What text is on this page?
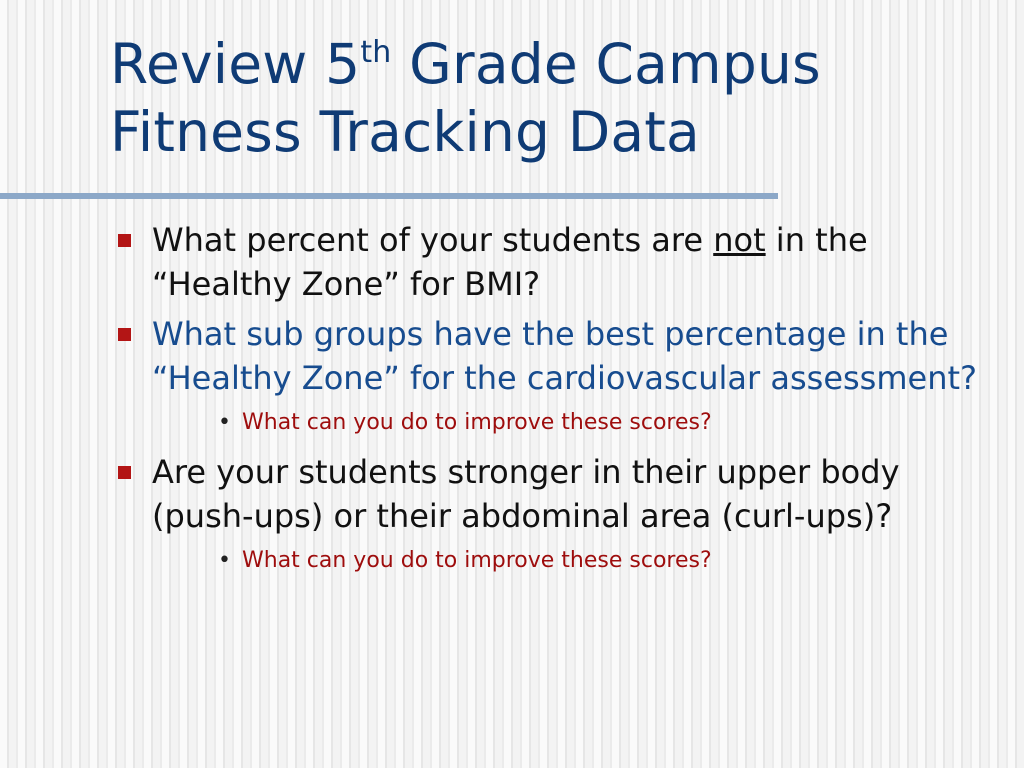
Review 5th Grade Campus
Fitness Tracking Data
What percent of your students are not in the “Healthy Zone” for BMI?
What sub groups have the best percentage in the “Healthy Zone” for the cardiovascular assessment?
• What can you do to improve these scores?
Are your students stronger in their upper body (push-ups) or their abdominal area (curl-ups)?
• What can you do to improve these scores?
